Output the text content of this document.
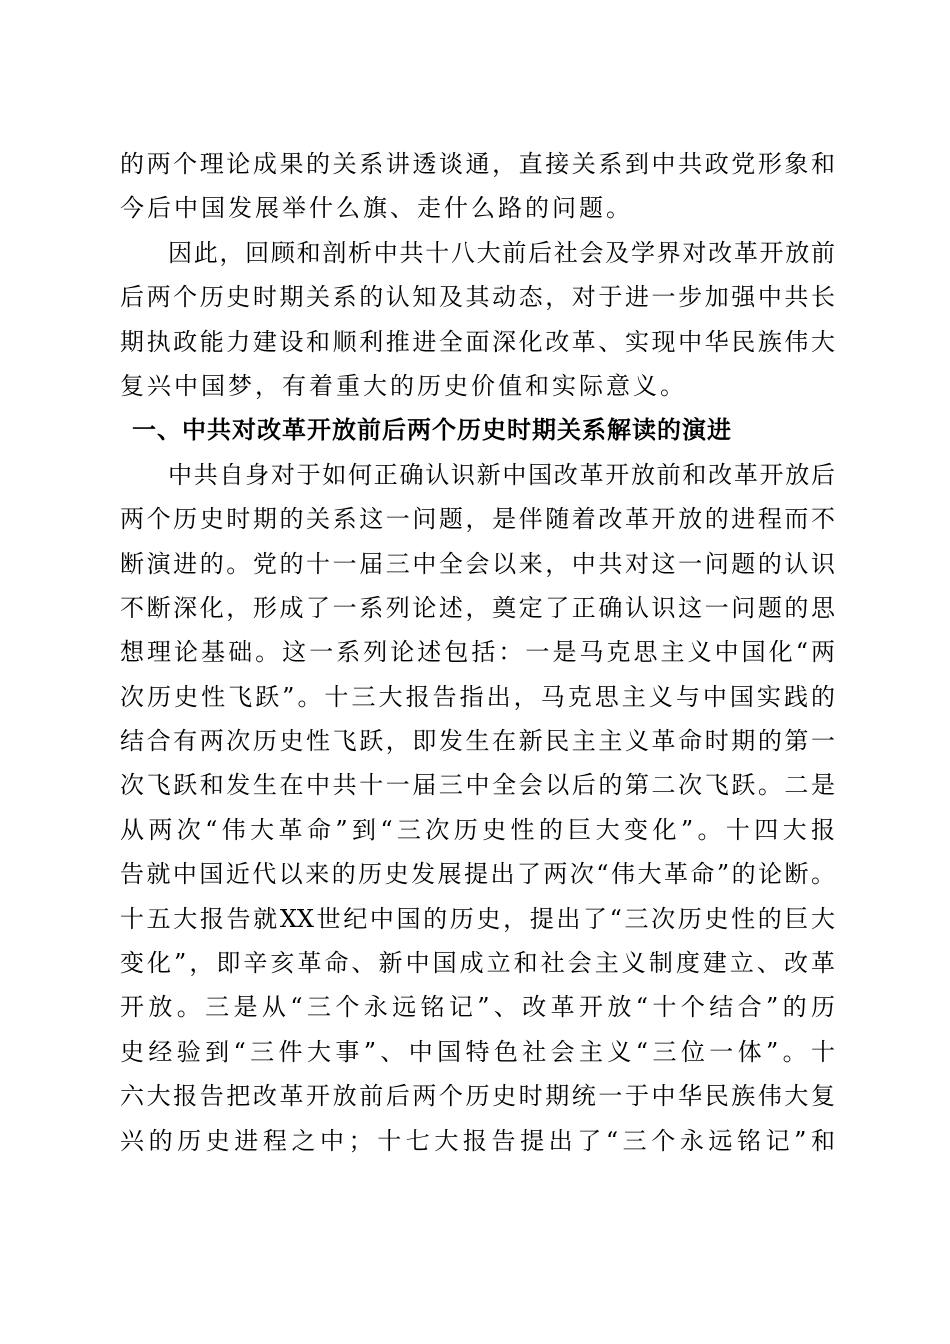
的两个理论成果的关系讲透谈通，直接关系到中共政党形象和
今后中国发展举什么旗、走什么路的问题。
因此，回顾和剖析中共十八大前后社会及学界对改革开放前
后两个历史时期关系的认知及其动态，对于进一步加强中共长
期执政能力建设和顺利推进全面深化改革、实现中华民族伟大
复兴中国梦，有着重大的历史价值和实际意义。
一、中共对改革开放前后两个历史时期关系解读的演进
中共自身对于如何正确认识新中国改革开放前和改革开放后
两个历史时期的关系这一问题，是伴随着改革开放的进程而不
断演进的。党的十一届三中全会以来，中共对这一问题的认识
不断深化，形成了一系列论述，奠定了正确认识这一问题的思
想理论基础。这一系列论述包括：一是马克思主义中国化“两
次历史性飞跃”。十三大报告指出，马克思主义与中国实践的
结合有两次历史性飞跃，即发生在新民主主义革命时期的第一
次飞跃和发生在中共十一届三中全会以后的第二次飞跃。二是
从两次“伟大革命”到“三次历史性的巨大变化”。十四大报
告就中国近代以来的历史发展提出了两次“伟大革命”的论断。
十五大报告就XX世纪中国的历史，提出了“三次历史性的巨大
变化”，即辛亥革命、新中国成立和社会主义制度建立、改革
开放。三是从“三个永远铭记”、改革开放“十个结合”的历
史经验到“三件大事”、中国特色社会主义“三位一体”。十
六大报告把改革开放前后两个历史时期统一于中华民族伟大复
兴的历史进程之中；十七大报告提出了“三个永远铭记”和
